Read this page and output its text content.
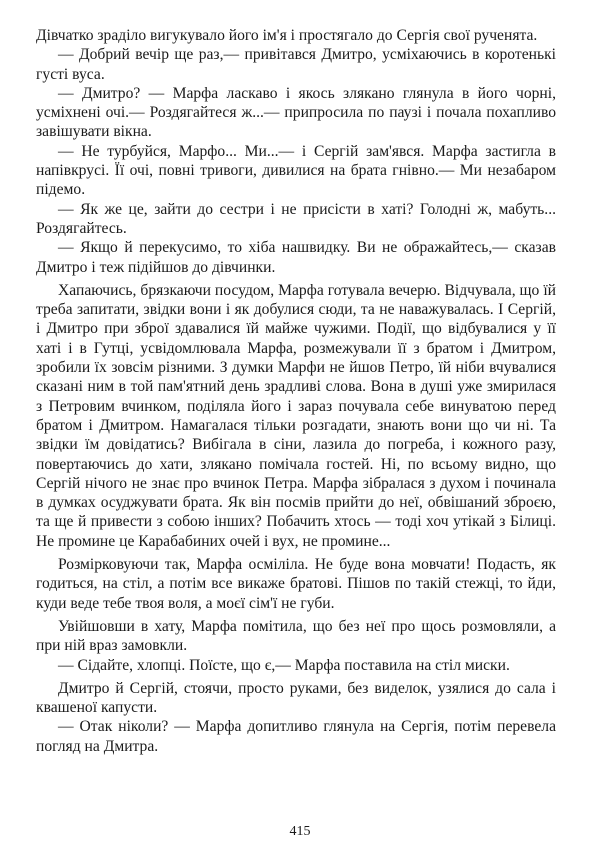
Дівчатко зраділо вигукувало його ім'я і простягало до Сергія свої рученята.

— Добрий вечір ще раз,— привітався Дмитро, усміхаючись в коротенькі густі вуса.

— Дмитро? — Марфа ласкаво і якось злякано глянула в його чорні, усміхнені очі.— Роздягайтеся ж...— припросила по паузі і почала похапливо завішувати вікна.

— Не турбуйся, Марфо... Ми...— і Сергій зам'явся. Марфа застигла в напівкрусі. Її очі, повні тривоги, дивилися на брата гнівно.— Ми незабаром підемо.

— Як же це, зайти до сестри і не присісти в хаті? Голодні ж, мабуть... Роздягайтесь.

— Якщо й перекусимо, то хіба нашвидку. Ви не ображайтесь,— сказав Дмитро і теж підійшов до дівчинки.

Хапаючись, брязкаючи посудом, Марфа готувала вечерю. Відчувала, що їй треба запитати, звідки вони і як добулися сюди, та не наважувалась. І Сергій, і Дмитро при зброї здавалися їй майже чужими. Події, що відбувалися у її хаті і в Гутці, усвідомлювала Марфа, розмежували її з братом і Дмитром, зробили їх зовсім різними. З думки Марфи не йшов Петро, їй ніби вчувалися сказані ним в той пам'ятний день зрадливі слова. Вона в душі уже змирилася з Петровим вчинком, поділяла його і зараз почувала себе винуватою перед братом і Дмитром. Намагалася тільки розгадати, знають вони що чи ні. Та звідки їм довідатись? Вибігала в сіни, лазила до погреба, і кожного разу, повертаючись до хати, злякано помічала гостей. Ні, по всьому видно, що Сергій нічого не знає про вчинок Петра. Марфа зібралася з духом і починала в думках осуджувати брата. Як він посмів прийти до неї, обвішаний зброєю, та ще й привести з собою інших? Побачить хтось — тоді хоч утікай з Білиці. Не промине це Карабабиних очей і вух, не промине...

Розмірковуючи так, Марфа осміліла. Не буде вона мовчати! Подасть, як годиться, на стіл, а потім все викаже братові. Пішов по такій стежці, то йди, куди веде тебе твоя воля, а моєї сім'ї не губи.

Увійшовши в хату, Марфа помітила, що без неї про щось розмовляли, а при ній враз замовкли.

— Сідайте, хлопці. Поїсте, що є,— Марфа поставила на стіл миски.

Дмитро й Сергій, стоячи, просто руками, без виделок, узялися до сала і квашеної капусти.

— Отак ніколи? — Марфа допитливо глянула на Сергія, потім перевела погляд на Дмитра.

415
